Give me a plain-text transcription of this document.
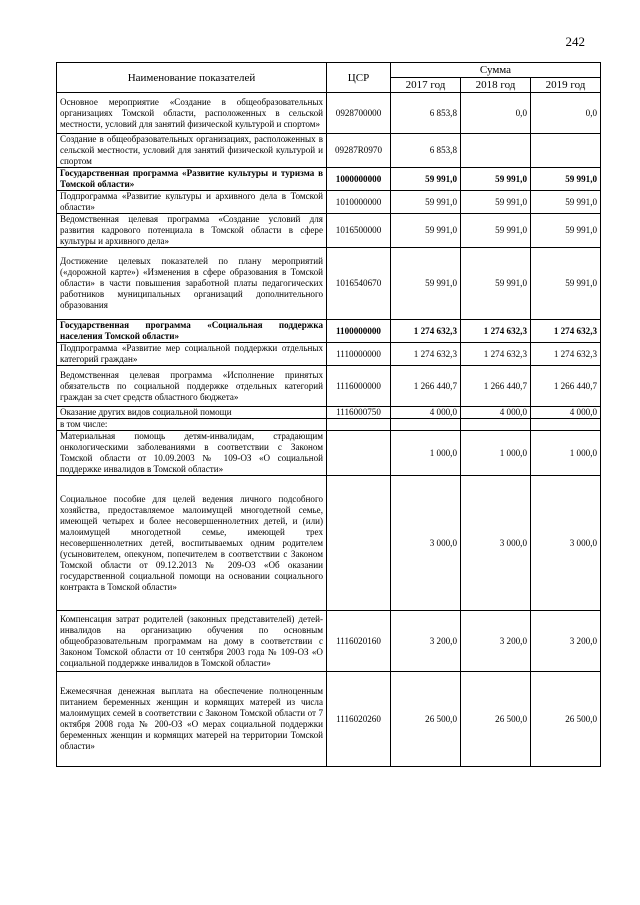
242
Наименование показателей	ЦСР	Сумма		
		2017 год	2018 год	2019 год
Основное мероприятие «Создание в общеобразовательных организациях Томской области, расположенных в сельской местности, условий для занятий физической культурой и спортом»	0928700000	6 853,8	0,0	0,0
Создание в общеобразовательных организациях, расположенных в сельской местности, условий для занятий физической культурой и спортом	09287R0970	6 853,8		
Государственная программа «Развитие культуры и туризма в Томской области»	1000000000	59 991,0	59 991,0	59 991,0
Подпрограмма «Развитие культуры и архивного дела в Томской области»	1010000000	59 991,0	59 991,0	59 991,0
Ведомственная целевая программа «Создание условий для развития кадрового потенциала в Томской области в сфере культуры и архивного дела»	1016500000	59 991,0	59 991,0	59 991,0
Достижение целевых показателей по плану мероприятий («дорожной карте») «Изменения в сфере образования в Томской области» в части повышения заработной платы педагогических работников муниципальных организаций дополнительного образования	1016540670	59 991,0	59 991,0	59 991,0
Государственная программа «Социальная поддержка населения Томской области»	1100000000	1 274 632,3	1 274 632,3	1 274 632,3
Подпрограмма «Развитие мер социальной поддержки отдельных категорий граждан»	1110000000	1 274 632,3	1 274 632,3	1 274 632,3
Ведомственная целевая программа «Исполнение принятых обязательств по социальной поддержке отдельных категорий граждан за счет средств областного бюджета»	1116000000	1 266 440,7	1 266 440,7	1 266 440,7
Оказание других видов социальной помощи	1116000750	4 000,0	4 000,0	4 000,0
в том числе:				
Материальная помощь детям-инвалидам, страдающим онкологическими заболеваниями в соответствии с Законом Томской области от 10.09.2003 № 109-ОЗ «О социальной поддержке инвалидов в Томской области»		1 000,0	1 000,0	1 000,0
Социальное пособие для целей ведения личного подсобного хозяйства, предоставляемое малоимущей многодетной семье, имеющей четырех и более несовершеннолетних детей, и (или) малоимущей многодетной семье, имеющей трех несовершеннолетних детей, воспитываемых одним родителем (усыновителем, опекуном, попечителем в соответствии с Законом Томской области от 09.12.2013 № 209-ОЗ «Об оказании государственной социальной помощи на основании социального контракта в Томской области»		3 000,0	3 000,0	3 000,0
Компенсация затрат родителей (законных представителей) детей-инвалидов на организацию обучения по основным общеобразовательным программам на дому в соответствии с Законом Томской области от 10 сентября 2003 года № 109-ОЗ «О социальной поддержке инвалидов в Томской области»	1116020160	3 200,0	3 200,0	3 200,0
Ежемесячная денежная выплата на обеспечение полноценным питанием беременных женщин и кормящих матерей из числа малоимущих семей в соответствии с Законом Томской области от 7 октября 2008 года № 200-ОЗ «О мерах социальной поддержки беременных женщин и кормящих матерей на территории Томской области»	1116020260	26 500,0	26 500,0	26 500,0
